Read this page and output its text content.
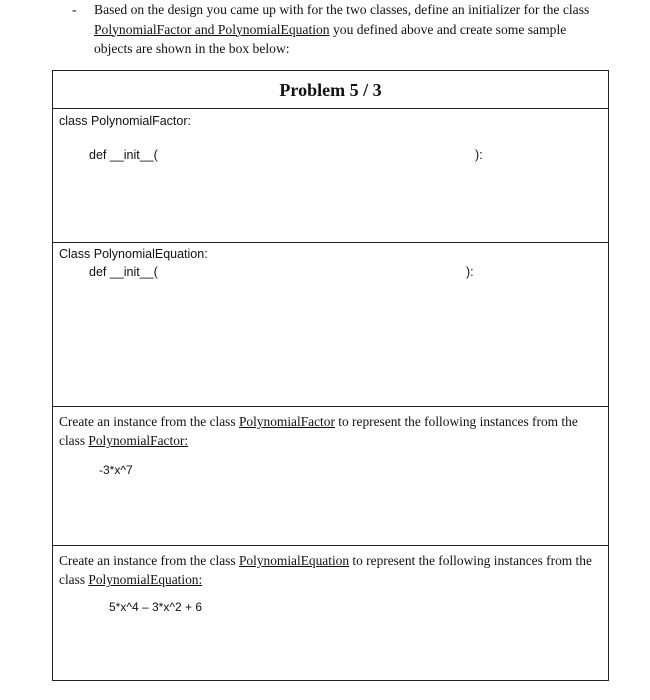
-	Based on the design you came up with for the two classes, define an initializer for the class PolynomialFactor and PolynomialEquation you defined above and create some sample objects are shown in the box below:
Problem 5 / 3
class PolynomialFactor:
def __init__(	):
Class PolynomialEquation:
def __init__(	):
Create an instance from the class PolynomialFactor to represent the following instances from the class PolynomialFactor:
-3*x^7
Create an instance from the class PolynomialEquation to represent the following instances from the class PolynomialEquation:
5*x^4 – 3*x^2 + 6
